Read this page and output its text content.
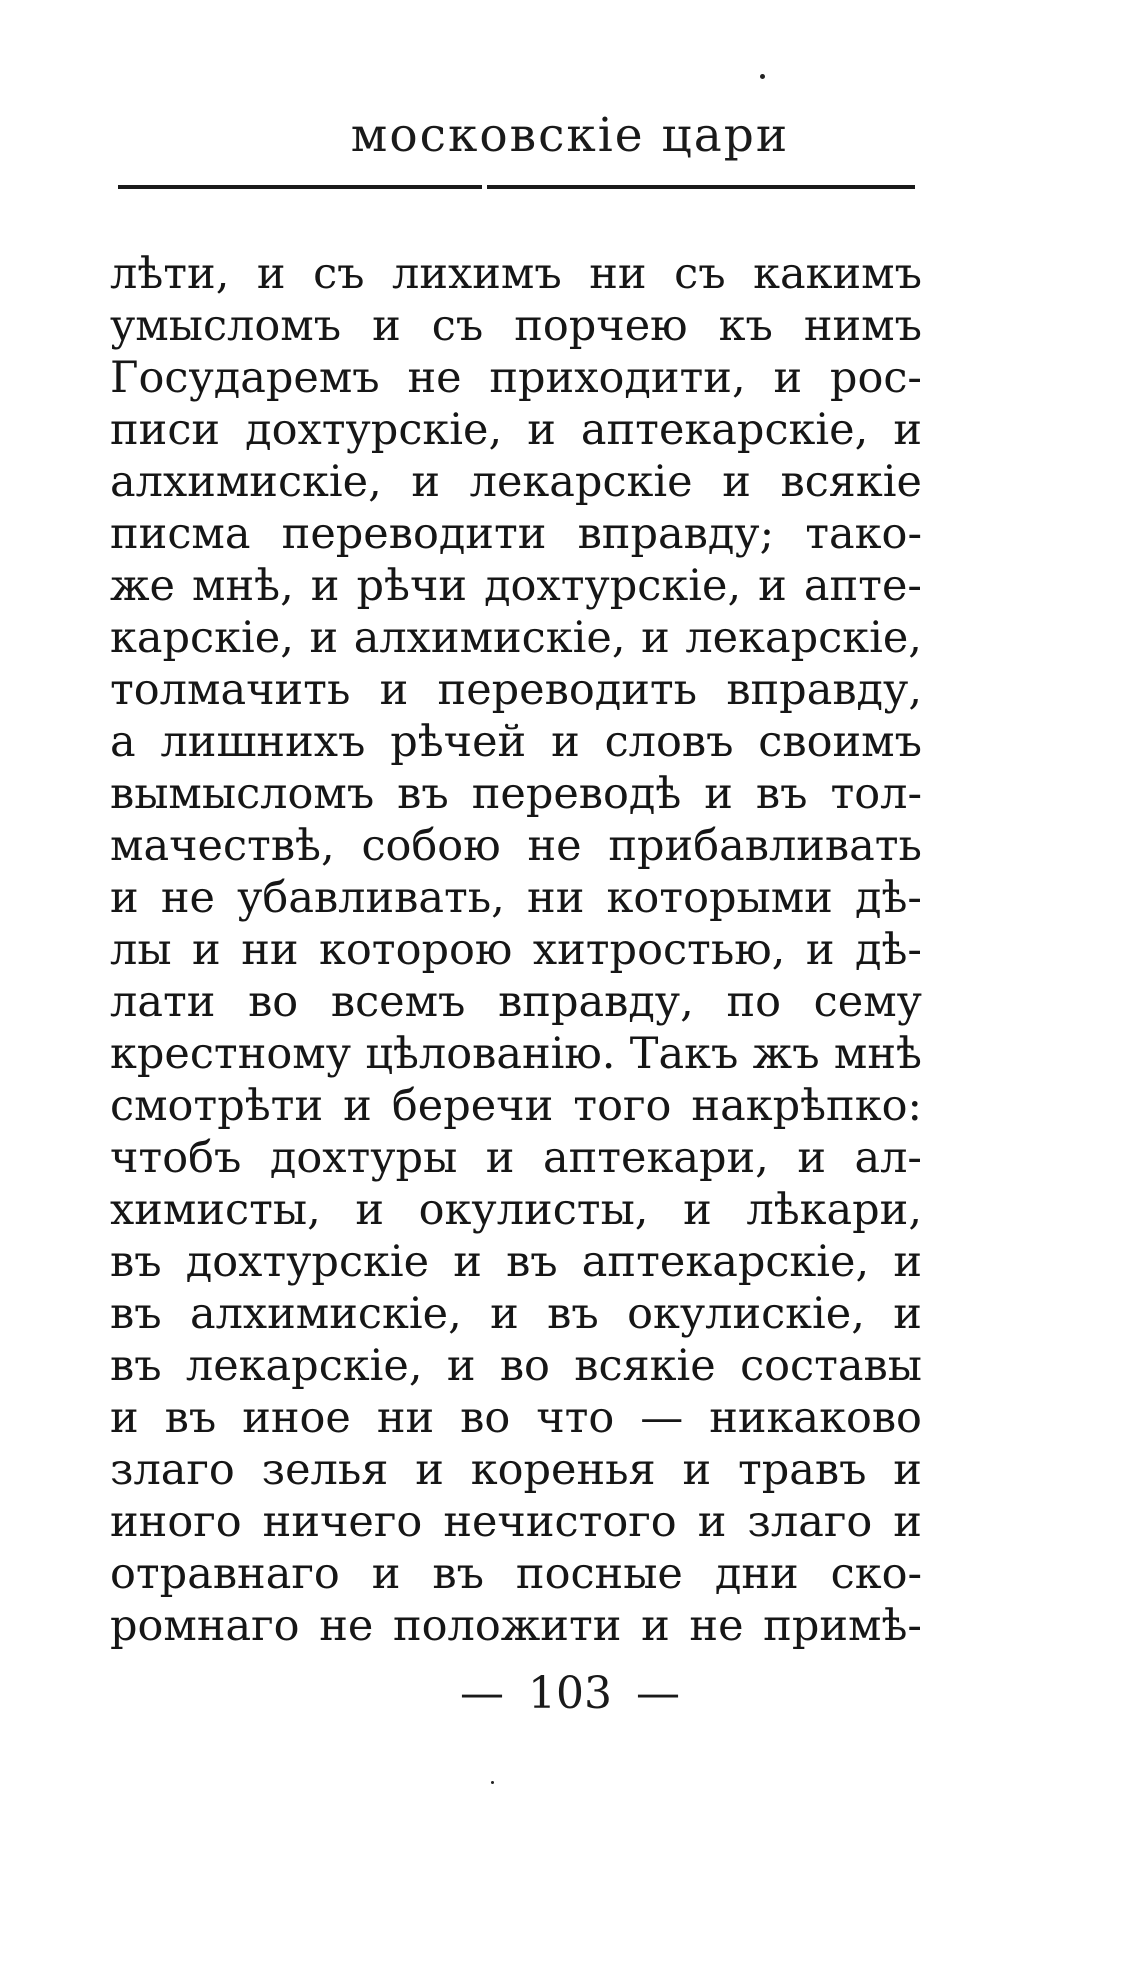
московскіе цари
лѣти, и съ лихимъ ни съ какимъ
умысломъ и съ порчею къ нимъ
Государемъ не приходити, и рос-
писи дохтурскіе, и аптекарскіе, и
алхимискіе, и лекарскіе и всякіе
писма переводити вправду; тако-
же мнѣ, и рѣчи дохтурскіе, и апте-
карскіе, и алхимискіе, и лекарскіе,
толмачить и переводить вправду,
а лишнихъ рѣчей и словъ своимъ
вымысломъ въ переводѣ и въ тол-
мачествѣ, собою не прибавливать
и не убавливать, ни которыми дѣ-
лы и ни которою хитростью, и дѣ-
лати во всемъ вправду, по сему
крестному цѣлованію. Такъ жъ мнѣ
смотрѣти и беречи того накрѣпко:
чтобъ дохтуры и аптекари, и ал-
химисты, и окулисты, и лѣкари,
въ дохтурскіе и въ аптекарскіе, и
въ алхимискіе, и въ окулискіе, и
въ лекарскіе, и во всякіе составы
и въ иное ни во что — никаково
злаго зелья и коренья и травъ и
иного ничего нечистого и злаго и
отравнаго и въ посные дни ско-
ромнаго не положити и не примѣ-
— 103 —
